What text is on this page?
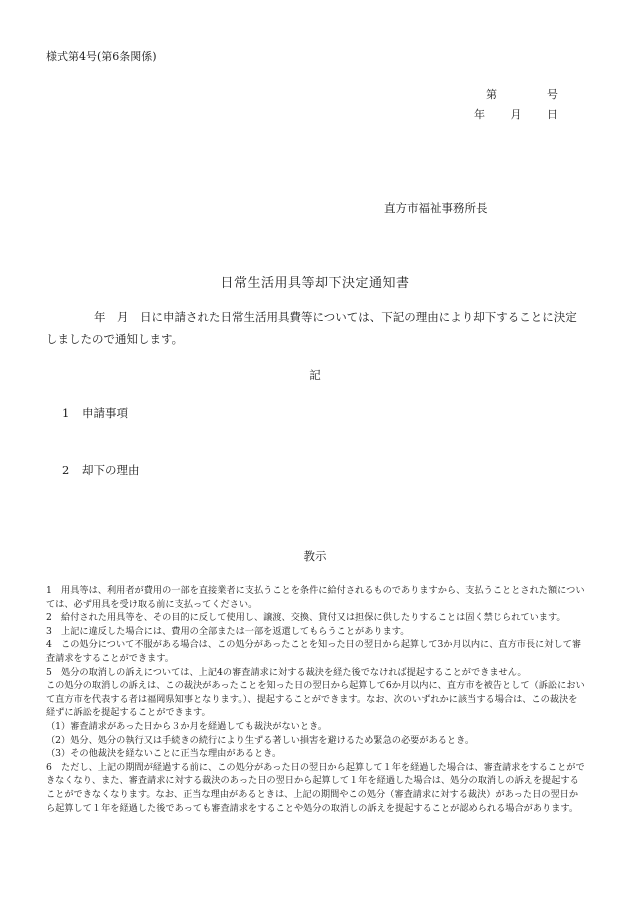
様式第4号(第6条関係)
第	号
年 月 日
直方市福祉事務所長
日常生活用具等却下決定通知書
年　月　日に申請された日常生活用具費等については、下記の理由により却下することに決定しましたので通知します。
記
1 申請事項
2 却下の理由
教示

1　用具等は、利用者が費用の一部を直接業者に支払うことを条件に給付されるものでありますから、支払うこととされた額については、必ず用具を受け取る前に支払ってください。

2　給付された用具等を、その目的に反して使用し、譲渡、交換、貸付又は担保に供したりすることは固く禁じられています。

3　上記に違反した場合には、費用の全部または一部を返還してもらうことがあります。

4　この処分について不服がある場合は、この処分があったことを知った日の翌日から起算して3か月以内に、直方市長に対して審査請求をすることができます。

5　処分の取消しの訴えについては、上記4の審査請求に対する裁決を経た後でなければ提起することができません。

この処分の取消しの訴えは、この裁決があったことを知った日の翌日から起算して6か月以内に、直方市を被告として（訴訟において直方市を代表する者は福岡県知事となります。）、提起することができます。なお、次のいずれかに該当する場合は、この裁決を経ずに訴訟を提起することができます。

（1）審査請求があった日から３か月を経過しても裁決がないとき。

（2）処分、処分の執行又は手続きの続行により生ずる著しい損害を避けるため緊急の必要があるとき。

（3）その他裁決を経ないことに正当な理由があるとき。

6　ただし、上記の期間が経過する前に、この処分があった日の翌日から起算して１年を経過した場合は、審査請求をすることができなくなり、また、審査請求に対する裁決のあった日の翌日から起算して１年を経過した場合は、処分の取消しの訴えを提起することができなくなります。なお、正当な理由があるときは、上記の期間やこの処分（審査請求に対する裁決）があった日の翌日から起算して１年を経過した後であっても審査請求をすることや処分の取消しの訴えを提起することが認められる場合があります。
